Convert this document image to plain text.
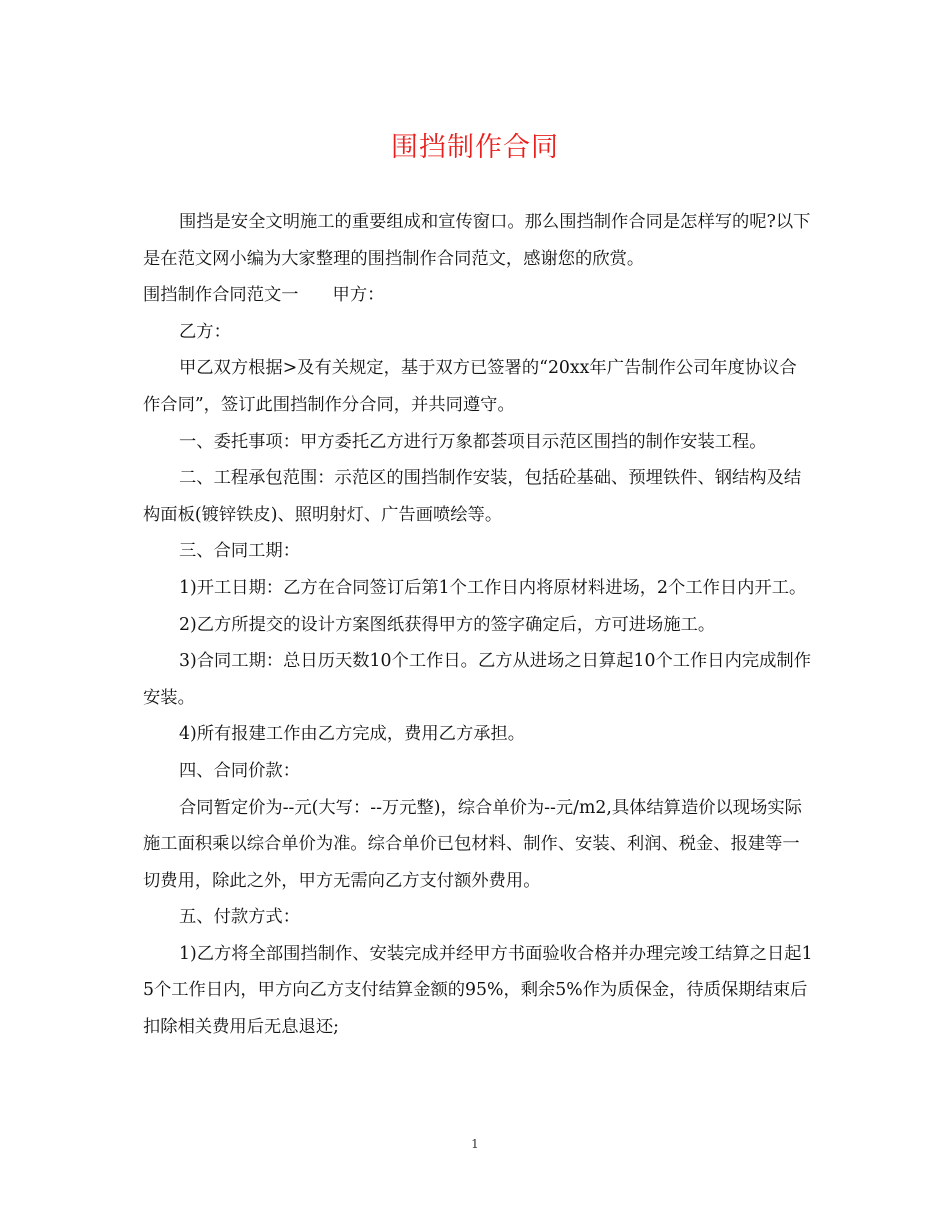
围挡制作合同

围挡是安全文明施工的重要组成和宣传窗口。那么围挡制作合同是怎样写的呢?以下是在范文网小编为大家整理的围挡制作合同范文，感谢您的欣赏。

围挡制作合同范文一 甲方：

乙方：

甲乙双方根据>及有关规定，基于双方已签署的“20xx年广告制作公司年度协议合作合同”，签订此围挡制作分合同，并共同遵守。

一、委托事项：甲方委托乙方进行万象都荟项目示范区围挡的制作安装工程。

二、工程承包范围：示范区的围挡制作安装，包括砼基础、预埋铁件、钢结构及结构面板(镀锌铁皮)、照明射灯、广告画喷绘等。

三、合同工期：

1)开工日期：乙方在合同签订后第1个工作日内将原材料进场，2个工作日内开工。

2)乙方所提交的设计方案图纸获得甲方的签字确定后，方可进场施工。

3)合同工期：总日历天数10个工作日。乙方从进场之日算起10个工作日内完成制作安装。

4)所有报建工作由乙方完成，费用乙方承担。

四、合同价款：

合同暂定价为--元(大写：--万元整)，综合单价为--元/m2,具体结算造价以现场实际施工面积乘以综合单价为准。综合单价已包材料、制作、安装、利润、税金、报建等一切费用，除此之外，甲方无需向乙方支付额外费用。

五、付款方式：

1)乙方将全部围挡制作、安装完成并经甲方书面验收合格并办理完竣工结算之日起15个工作日内，甲方向乙方支付结算金额的95%，剩余5%作为质保金，待质保期结束后扣除相关费用后无息退还;

1
